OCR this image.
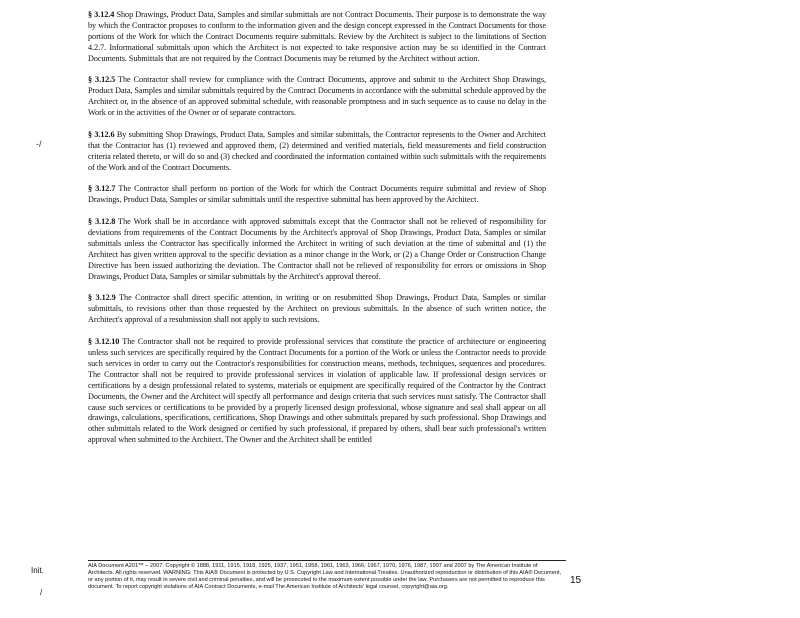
§ 3.12.4 Shop Drawings, Product Data, Samples and similar submittals are not Contract Documents. Their purpose is to demonstrate the way by which the Contractor proposes to conform to the information given and the design concept expressed in the Contract Documents for those portions of the Work for which the Contract Documents require submittals. Review by the Architect is subject to the limitations of Section 4.2.7. Informational submittals upon which the Architect is not expected to take responsive action may be so identified in the Contract Documents. Submittals that are not required by the Contract Documents may be returned by the Architect without action.

§ 3.12.5 The Contractor shall review for compliance with the Contract Documents, approve and submit to the Architect Shop Drawings, Product Data, Samples and similar submittals required by the Contract Documents in accordance with the submittal schedule approved by the Architect or, in the absence of an approved submittal schedule, with reasonable promptness and in such sequence as to cause no delay in the Work or in the activities of the Owner or of separate contractors.

§ 3.12.6 By submitting Shop Drawings, Product Data, Samples and similar submittals, the Contractor represents to the Owner and Architect that the Contractor has (1) reviewed and approved them, (2) determined and verified materials, field measurements and field construction criteria related thereto, or will do so and (3) checked and coordinated the information contained within such submittals with the requirements of the Work and of the Contract Documents.

§ 3.12.7 The Contractor shall perform no portion of the Work for which the Contract Documents require submittal and review of Shop Drawings, Product Data, Samples or similar submittals until the respective submittal has been approved by the Architect.

§ 3.12.8 The Work shall be in accordance with approved submittals except that the Contractor shall not be relieved of responsibility for deviations from requirements of the Contract Documents by the Architect's approval of Shop Drawings, Product Data, Samples or similar submittals unless the Contractor has specifically informed the Architect in writing of such deviation at the time of submittal and (1) the Architect has given written approval to the specific deviation as a minor change in the Work, or (2) a Change Order or Construction Change Directive has been issued authorizing the deviation. The Contractor shall not be relieved of responsibility for errors or omissions in Shop Drawings, Product Data, Samples or similar submittals by the Architect's approval thereof.

§ 3.12.9 The Contractor shall direct specific attention, in writing or on resubmitted Shop Drawings, Product Data, Samples or similar submittals, to revisions other than those requested by the Architect on previous submittals. In the absence of such written notice, the Architect's approval of a resubmission shall not apply to such revisions.

§ 3.12.10 The Contractor shall not be required to provide professional services that constitute the practice of architecture or engineering unless such services are specifically required by the Contract Documents for a portion of the Work or unless the Contractor needs to provide such services in order to carry out the Contractor's responsibilities for construction means, methods, techniques, sequences and procedures. The Contractor shall not be required to provide professional services in violation of applicable law. If professional design services or certifications by a design professional related to systems, materials or equipment are specifically required of the Contractor by the Contract Documents, the Owner and the Architect will specify all performance and design criteria that such services must satisfy. The Contractor shall cause such services or certifications to be provided by a properly licensed design professional, whose signature and seal shall appear on all drawings, calculations, specifications, certifications, Shop Drawings and other submittals prepared by such professional. Shop Drawings and other submittals related to the Work designed or certified by such professional, if prepared by others, shall bear such professional's written approval when submitted to the Architect. The Owner and the Architect shall be entitled

-/
Init.
/
AIA Document A201™ – 2007. Copyright © 1888, 1911, 1915, 1918, 1925, 1937, 1951, 1958, 1961, 1963, 1966, 1967, 1970, 1976, 1987, 1997 and 2007 by The American Institute of Architects. All rights reserved. WARNING: This AIA® Document is protected by U.S. Copyright Law and International Treaties. Unauthorized reproduction or distribution of this AIA® Document, or any portion of it, may result in severe civil and criminal penalties, and will be prosecuted to the maximum extent possible under the law. Purchasers are not permitted to reproduce this document. To report copyright violations of AIA Contract Documents, e-mail The American Institute of Architects' legal counsel, copyright@aia.org.
15
